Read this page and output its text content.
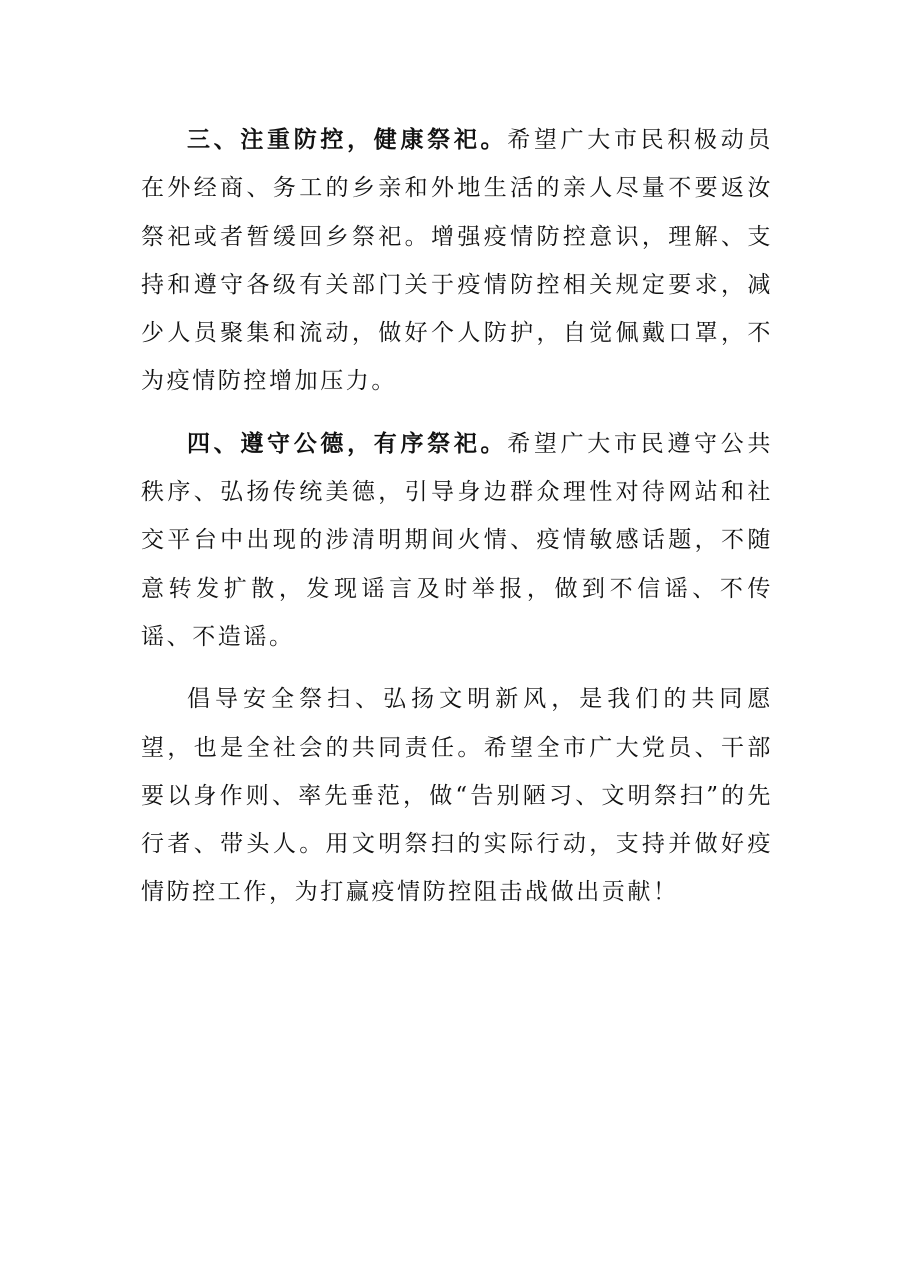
三、注重防控，健康祭祀。希望广大市民积极动员在外经商、务工的乡亲和外地生活的亲人尽量不要返汝祭祀或者暂缓回乡祭祀。增强疫情防控意识，理解、支持和遵守各级有关部门关于疫情防控相关规定要求，减少人员聚集和流动，做好个人防护，自觉佩戴口罩，不为疫情防控增加压力。

四、遵守公德，有序祭祀。希望广大市民遵守公共秩序、弘扬传统美德，引导身边群众理性对待网站和社交平台中出现的涉清明期间火情、疫情敏感话题，不随意转发扩散，发现谣言及时举报，做到不信谣、不传谣、不造谣。

倡导安全祭扫、弘扬文明新风，是我们的共同愿望，也是全社会的共同责任。希望全市广大党员、干部要以身作则、率先垂范，做“告别陋习、文明祭扫”的先行者、带头人。用文明祭扫的实际行动，支持并做好疫情防控工作，为打赢疫情防控阻击战做出贡献！
